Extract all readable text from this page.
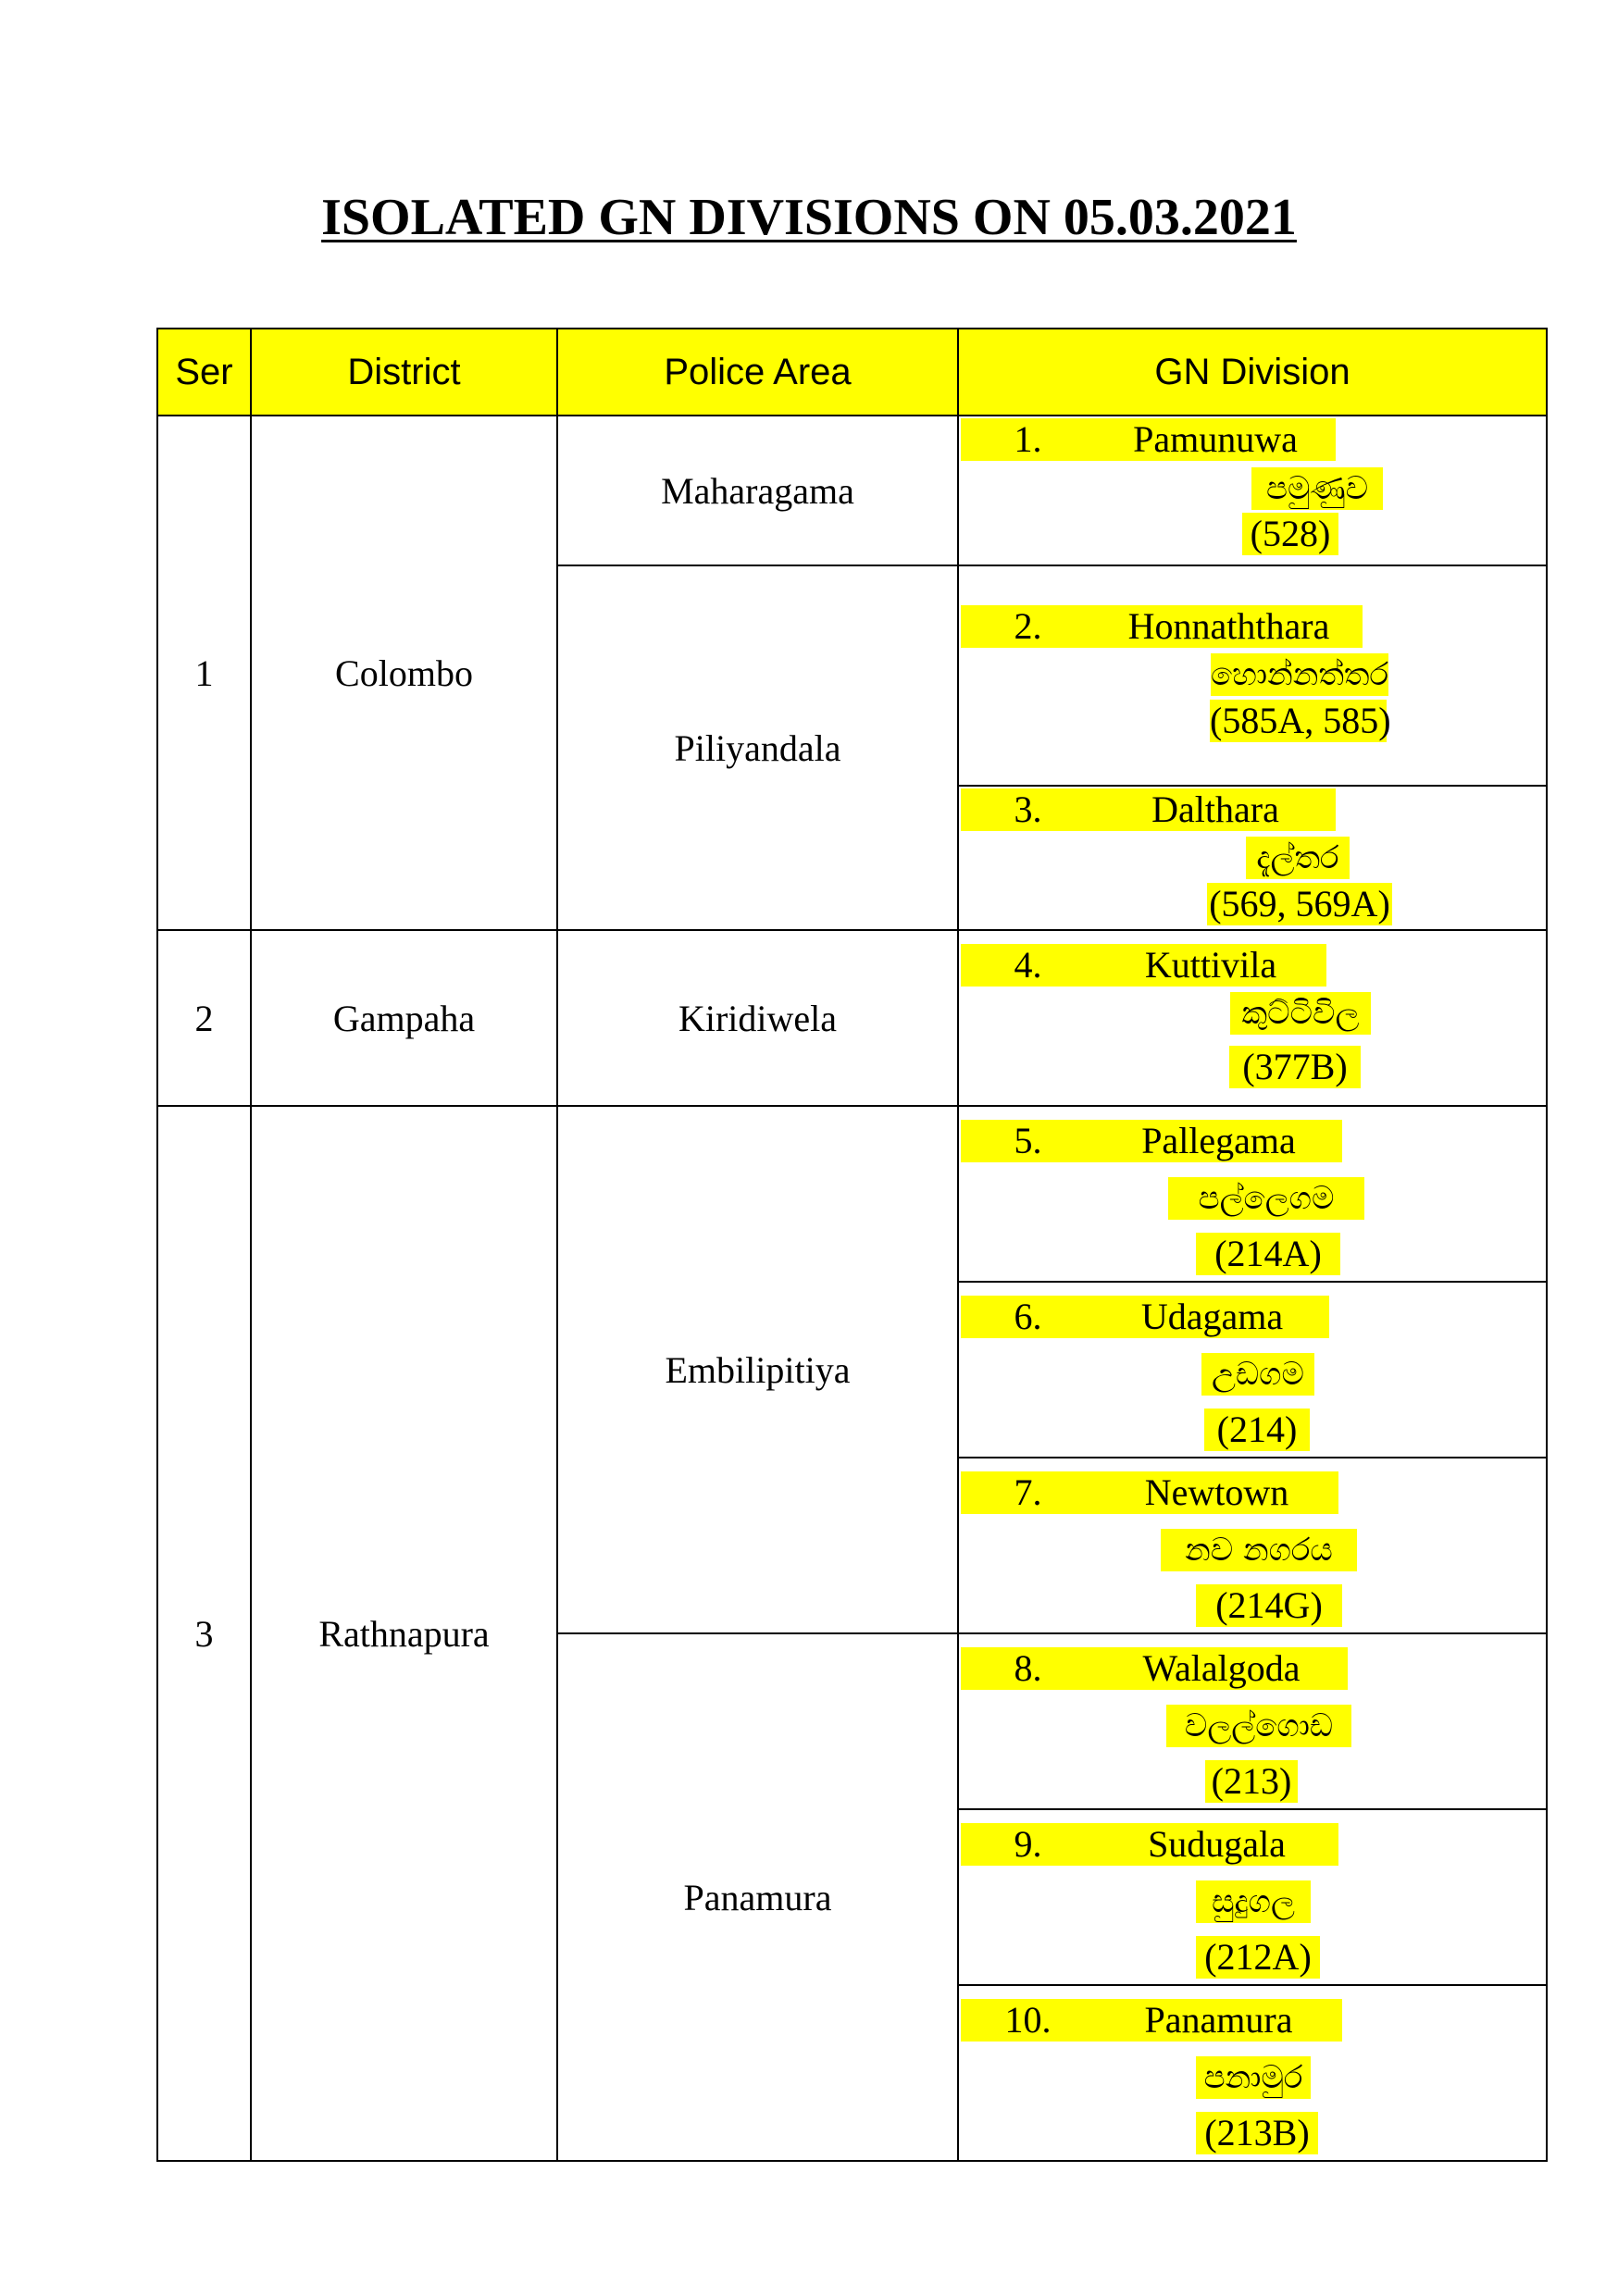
ISOLATED GN DIVISIONS ON 05.03.2021
Ser	District	Police Area	GN Division
1	Colombo	Maharagama	1. Pamunuwa
පමුණුව
(528)

		Piliyandala	2. Honnaththara
හොන්නත්තර
(585A, 585)

			3. Dalthara
දැල්තර
(569, 569A)

2	Gampaha	Kiridiwela	4. Kuttivila
කුට්ටිවිල
(377B)

3	Rathnapura	Embilipitiya	5. Pallegama
පල්ලෙගම
(214A)

			6. Udagama
උඩගම
(214)

			7. Newtown
නව නගරය
(214G)

		Panamura	8. Walalgoda
වලල්ගොඩ
(213)

			9. Sudugala
සුදුගල
(212A)

			10. Panamura
පනාමුර
(213B)
